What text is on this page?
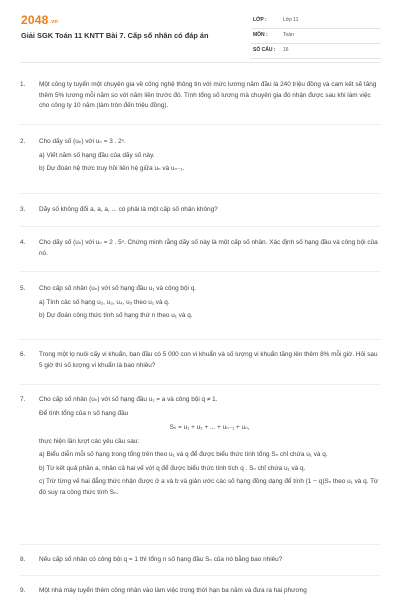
2048.vn
Giải SGK Toán 11 KNTT Bài 7. Cấp số nhân có đáp án
LỚP :	Lớp 11
MÔN :	Toán
SỐ CÂU : 16
1.	Một công ty tuyển một chuyên gia về công nghệ thông tin với mức lương năm đầu là 240 triệu đồng và cam kết sẽ tăng thêm 5% lương mỗi năm so với năm liền trước đó. Tính tổng số lương mà chuyên gia đó nhận được sau khi làm việc cho công ty 10 năm (làm tròn đến triệu đồng).
2.	Cho dãy số (uₙ) với uₙ = 3 . 2ⁿ.
a) Viết năm số hạng đầu của dãy số này.
b) Dự đoán hệ thức truy hồi liên hệ giữa uₙ và uₙ₋₁.
3.	Dãy số không đổi a, a, a, ... có phải là một cấp số nhân không?
4.	Cho dãy số (uₙ) với uₙ = 2 . 5ⁿ. Chứng minh rằng dãy số này là một cấp số nhân. Xác định số hạng đầu và công bội của nó.
5.	Cho cấp số nhân (uₙ) với số hạng đầu u₁ và công bội q.
a) Tính các số hạng u₂, u₃, u₄, u₅ theo u₁ và q.
b) Dự đoán công thức tính số hạng thứ n theo u₁ và q.
6.	Trong một lọ nuôi cấy vi khuẩn, ban đầu có 5 000 con vi khuẩn và số lượng vi khuẩn tăng lên thêm 8% mỗi giờ. Hỏi sau 5 giờ thì số lượng vi khuẩn là bao nhiêu?
7.	Cho cấp số nhân (uₙ) với số hạng đầu u₁ = a và công bội q ≠ 1.
Để tính tổng của n số hạng đầu
Sₙ = u₁ + u₂ + ... + uₙ₋₁ + uₙ,
thực hiện lần lượt các yêu cầu sau:
a) Biểu diễn mỗi số hạng trong tổng trên theo u₁ và q để được biểu thức tính tổng Sₙ chỉ chứa u₁ và q.
b) Từ kết quả phần a, nhân cả hai vế với q để được biểu thức tính tích q . Sₙ chỉ chứa u₁ và q.
c) Trừ từng vế hai đẳng thức nhận được ở a và b và giản ước các số hạng đồng dạng để tính (1 − q)Sₙ theo u₁ và q. Từ đó suy ra công thức tính Sₙ.
8.	Nếu cấp số nhân có công bội q = 1 thì tổng n số hạng đầu Sₙ của nó bằng bao nhiêu?
9.	Một nhà máy tuyển thêm công nhân vào làm việc trong thời hạn ba năm và đưa ra hai phương
